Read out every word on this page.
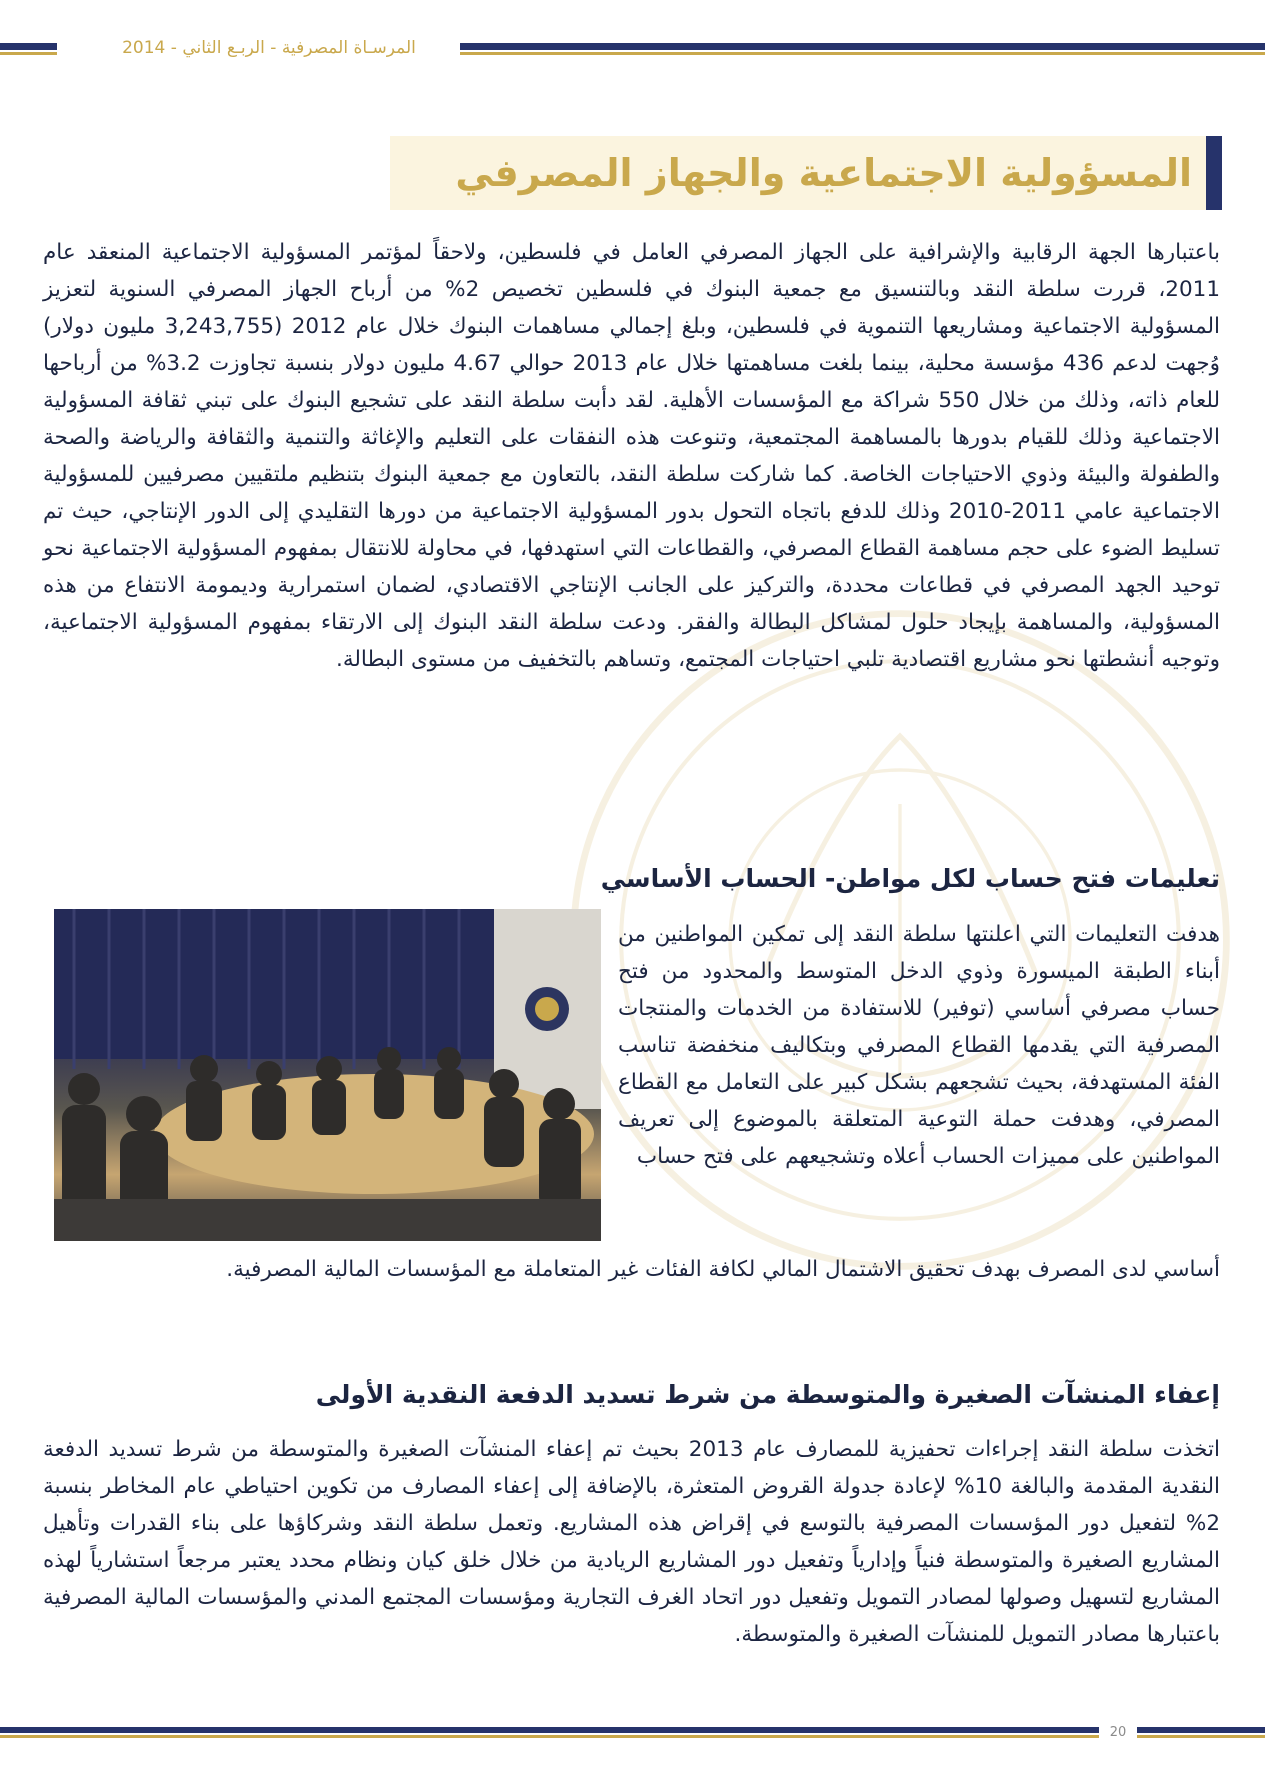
المرسـاة المصرفية - الربـع الثاني - 2014
المسؤولية الاجتماعية والجهاز المصرفي

باعتبارها الجهة الرقابية والإشرافية على الجهاز المصرفي العامل في فلسطين، ولاحقاً لمؤتمر المسؤولية الاجتماعية المنعقد عام 2011، قررت سلطة النقد وبالتنسيق مع جمعية البنوك في فلسطين تخصيص 2% من أرباح الجهاز المصرفي السنوية لتعزيز المسؤولية الاجتماعية ومشاريعها التنموية في فلسطين، وبلغ إجمالي مساهمات البنوك خلال عام 2012 (3,243,755 مليون دولار) وُجهت لدعم 436 مؤسسة محلية، بينما بلغت مساهمتها خلال عام 2013 حوالي 4.67 مليون دولار بنسبة تجاوزت 3.2% من أرباحها للعام ذاته، وذلك من خلال 550 شراكة مع المؤسسات الأهلية. لقد دأبت سلطة النقد على تشجيع البنوك على تبني ثقافة المسؤولية الاجتماعية وذلك للقيام بدورها بالمساهمة المجتمعية، وتنوعت هذه النفقات على التعليم والإغاثة والتنمية والثقافة والرياضة والصحة والطفولة والبيئة وذوي الاحتياجات الخاصة. كما شاركت سلطة النقد، بالتعاون مع جمعية البنوك بتنظيم ملتقيين مصرفيين للمسؤولية الاجتماعية عامي 2011-2010 وذلك للدفع باتجاه التحول بدور المسؤولية الاجتماعية من دورها التقليدي إلى الدور الإنتاجي، حيث تم تسليط الضوء على حجم مساهمة القطاع المصرفي، والقطاعات التي استهدفها، في محاولة للانتقال بمفهوم المسؤولية الاجتماعية نحو توحيد الجهد المصرفي في قطاعات محددة، والتركيز على الجانب الإنتاجي الاقتصادي، لضمان استمرارية وديمومة الانتفاع من هذه المسؤولية، والمساهمة بإيجاد حلول لمشاكل البطالة والفقر. ودعت سلطة النقد البنوك إلى الارتقاء بمفهوم المسؤولية الاجتماعية، وتوجيه أنشطتها نحو مشاريع اقتصادية تلبي احتياجات المجتمع، وتساهم بالتخفيف من مستوى البطالة.

تعليمات فتح حساب لكل مواطن- الحساب الأساسي

هدفت التعليمات التي اعلنتها سلطة النقد إلى تمكين المواطنين من أبناء الطبقة الميسورة وذوي الدخل المتوسط والمحدود من فتح حساب مصرفي أساسي (توفير) للاستفادة من الخدمات والمنتجات المصرفية التي يقدمها القطاع المصرفي وبتكاليف منخفضة تناسب الفئة المستهدفة، بحيث تشجعهم بشكل كبير على التعامل مع القطاع المصرفي، وهدفت حملة التوعية المتعلقة بالموضوع إلى تعريف المواطنين على مميزات الحساب أعلاه وتشجيعهم على فتح حساب

أساسي لدى المصرف بهدف تحقيق الاشتمال المالي لكافة الفئات غير المتعاملة مع المؤسسات المالية المصرفية.

إعفاء المنشآت الصغيرة والمتوسطة من شرط تسديد الدفعة النقدية الأولى

اتخذت سلطة النقد إجراءات تحفيزية للمصارف عام 2013 بحيث تم إعفاء المنشآت الصغيرة والمتوسطة من شرط تسديد الدفعة النقدية المقدمة والبالغة 10% لإعادة جدولة القروض المتعثرة، بالإضافة إلى إعفاء المصارف من تكوين احتياطي عام المخاطر بنسبة 2% لتفعيل دور المؤسسات المصرفية بالتوسع في إقراض هذه المشاريع. وتعمل سلطة النقد وشركاؤها على بناء القدرات وتأهيل المشاريع الصغيرة والمتوسطة فنياً وإدارياً وتفعيل دور المشاريع الريادية من خلال خلق كيان ونظام محدد يعتبر مرجعاً استشارياً لهذه المشاريع لتسهيل وصولها لمصادر التمويل وتفعيل دور اتحاد الغرف التجارية ومؤسسات المجتمع المدني والمؤسسات المالية المصرفية باعتبارها مصادر التمويل للمنشآت الصغيرة والمتوسطة.

20
